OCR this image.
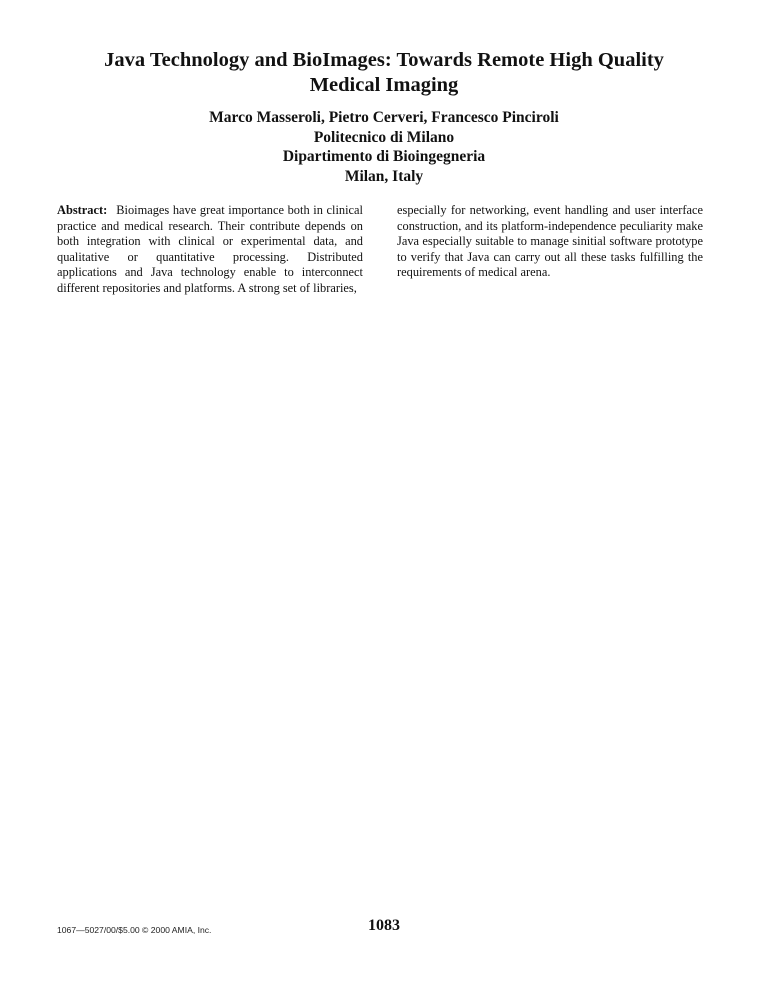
Java Technology and BioImages: Towards Remote High Quality
Medical Imaging
Marco Masseroli, Pietro Cerveri, Francesco Pinciroli
Politecnico di Milano
Dipartimento di Bioingegneria
Milan, Italy
Abstract: Bioimages have great importance both in clinical practice and medical research. Their contribute depends on both integration with clinical or experimental data, and qualitative or quantitative processing. Distributed applications and Java technology enable to interconnect different repositories and platforms. A strong set of libraries,
especially for networking, event handling and user interface construction, and its platform-independence peculiarity make Java especially suitable to manage sinitial software prototype to verify that Java can carry out all these tasks fulfilling the requirements of medical arena.
1067—5027/00/$5.00 © 2000 AMIA, Inc.	1083
